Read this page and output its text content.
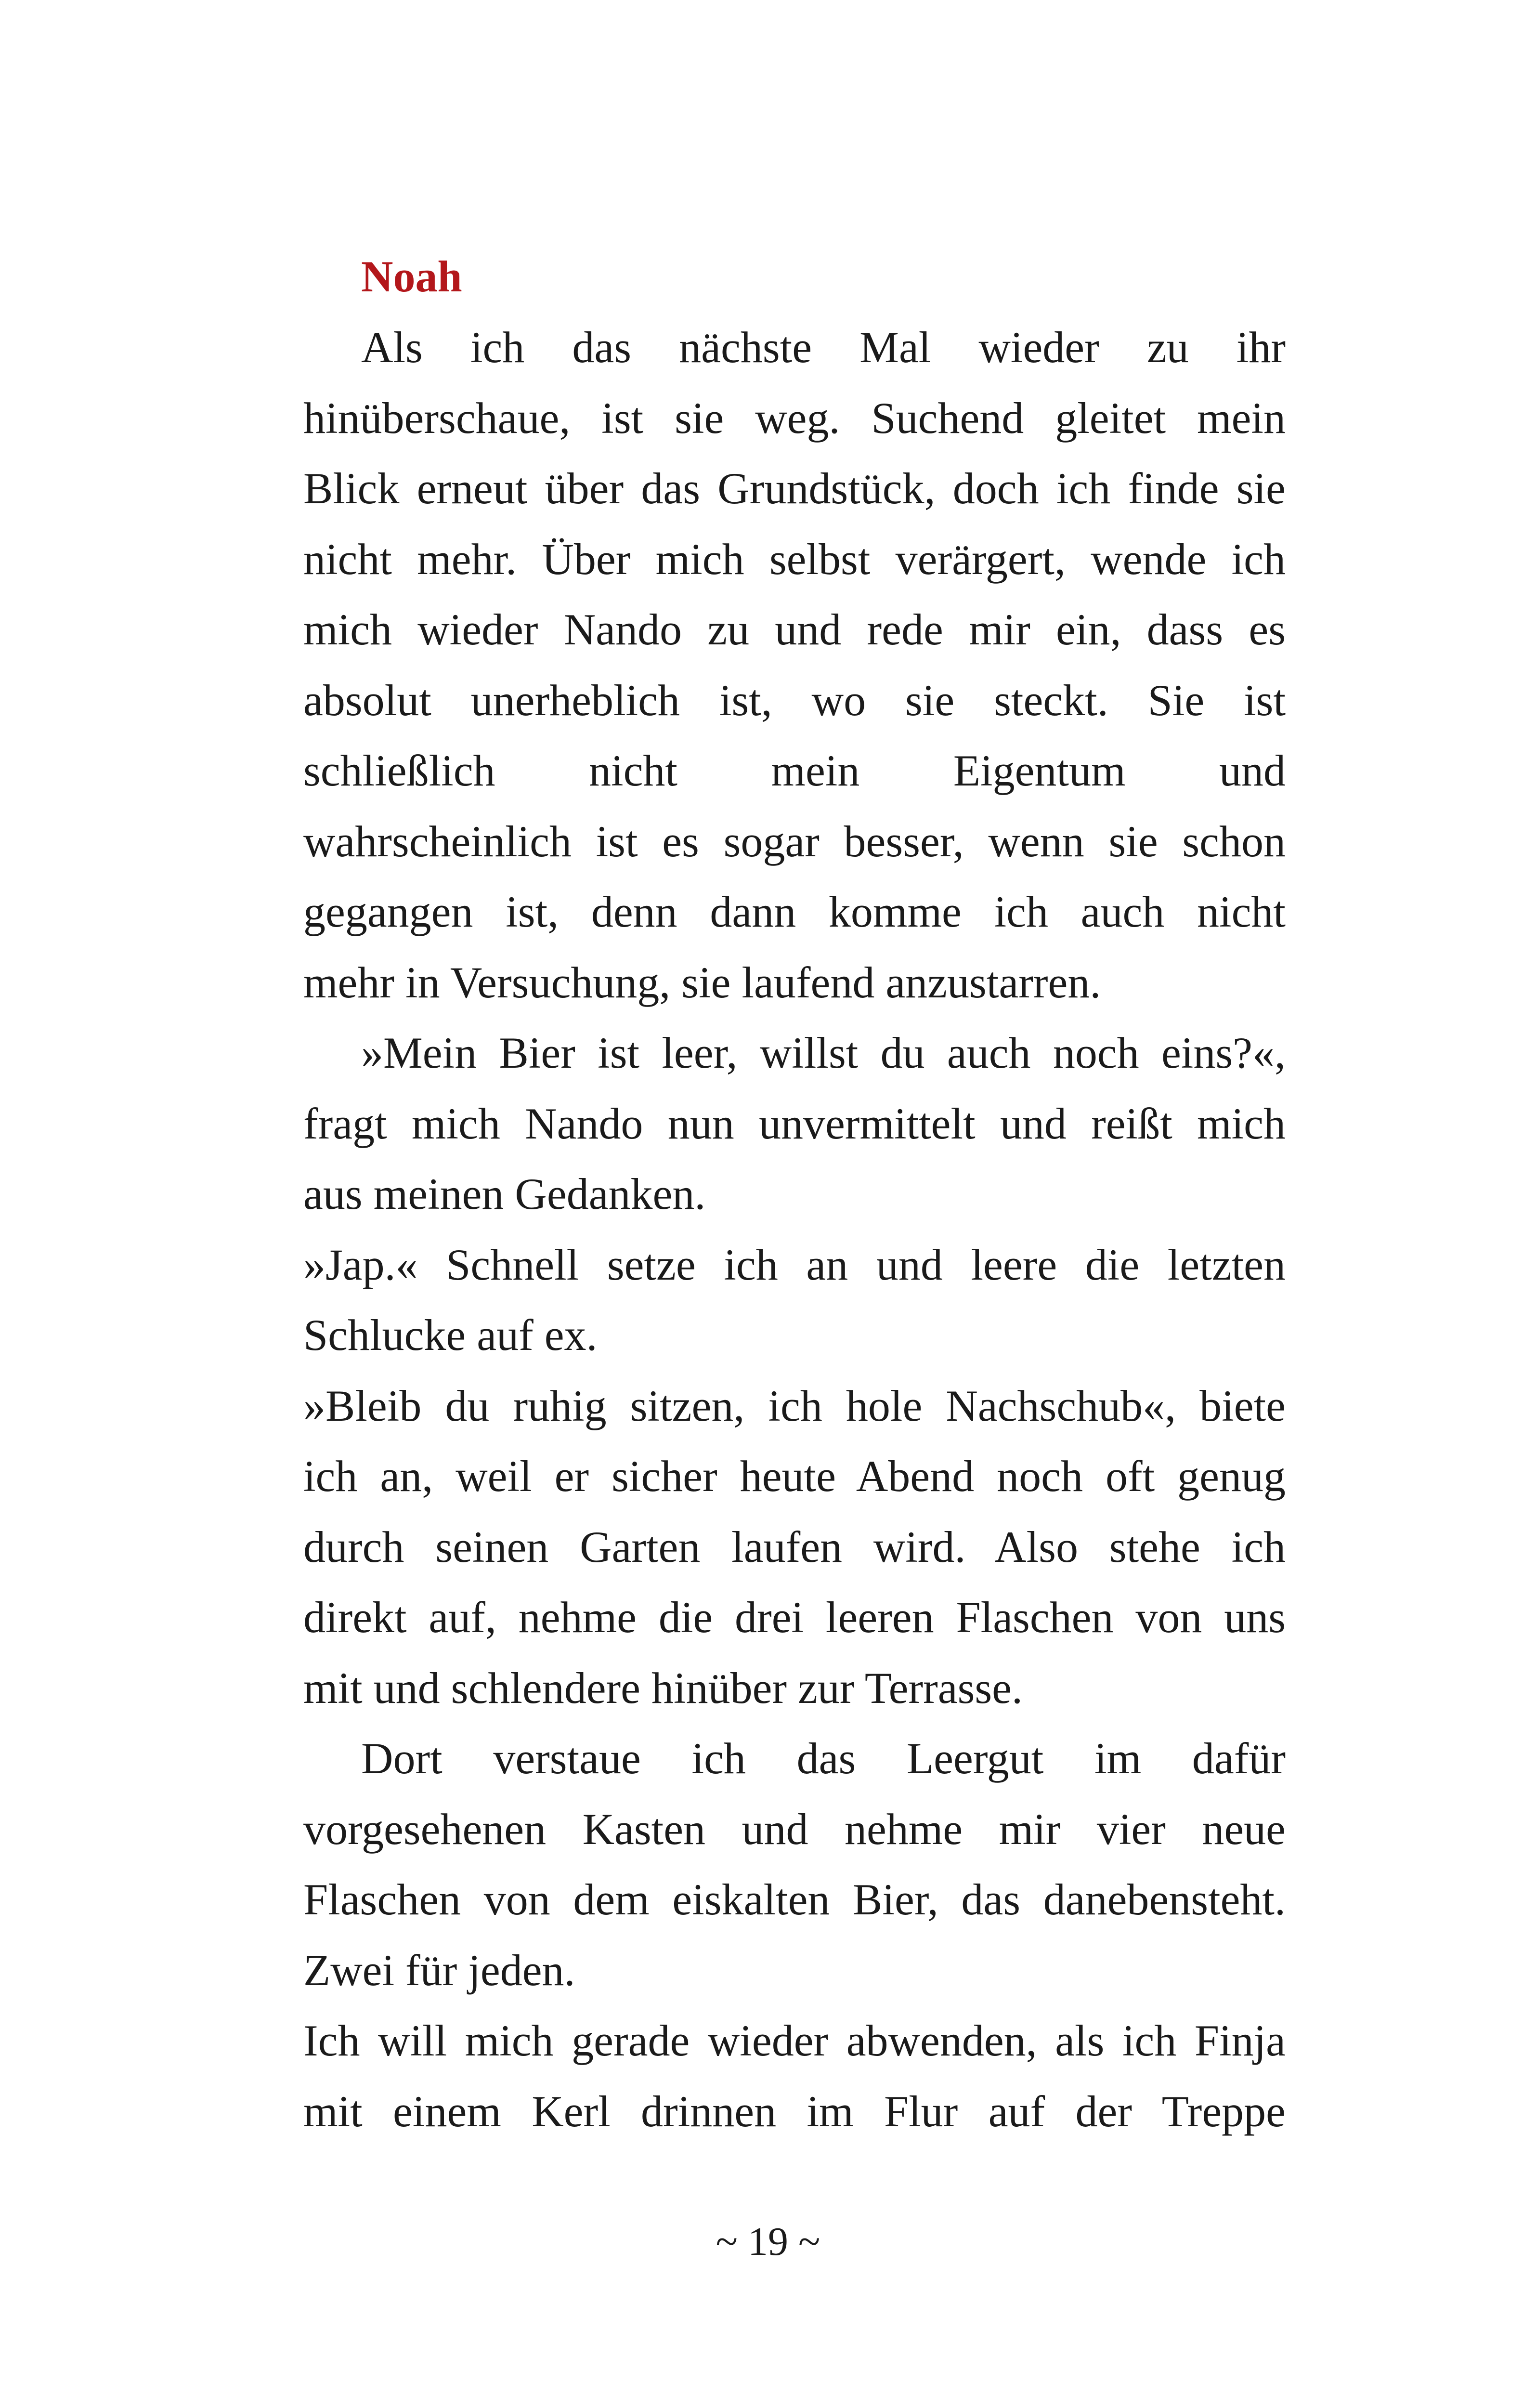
Noah
Als ich das nächste Mal wieder zu ihr
hinüberschaue, ist sie weg. Suchend gleitet mein
Blick erneut über das Grundstück, doch ich finde sie
nicht mehr. Über mich selbst verärgert, wende ich
mich wieder Nando zu und rede mir ein, dass es
absolut unerheblich ist, wo sie steckt. Sie ist
schließlich nicht mein Eigentum und
wahrscheinlich ist es sogar besser, wenn sie schon
gegangen ist, denn dann komme ich auch nicht
mehr in Versuchung, sie laufend anzustarren.
»Mein Bier ist leer, willst du auch noch eins?«,
fragt mich Nando nun unvermittelt und reißt mich
aus meinen Gedanken.
»Jap.« Schnell setze ich an und leere die letzten
Schlucke auf ex.
»Bleib du ruhig sitzen, ich hole Nachschub«, biete
ich an, weil er sicher heute Abend noch oft genug
durch seinen Garten laufen wird. Also stehe ich
direkt auf, nehme die drei leeren Flaschen von uns
mit und schlendere hinüber zur Terrasse.
Dort verstaue ich das Leergut im dafür
vorgesehenen Kasten und nehme mir vier neue
Flaschen von dem eiskalten Bier, das danebensteht.
Zwei für jeden.
Ich will mich gerade wieder abwenden, als ich Finja
mit einem Kerl drinnen im Flur auf der Treppe
~ 19 ~
